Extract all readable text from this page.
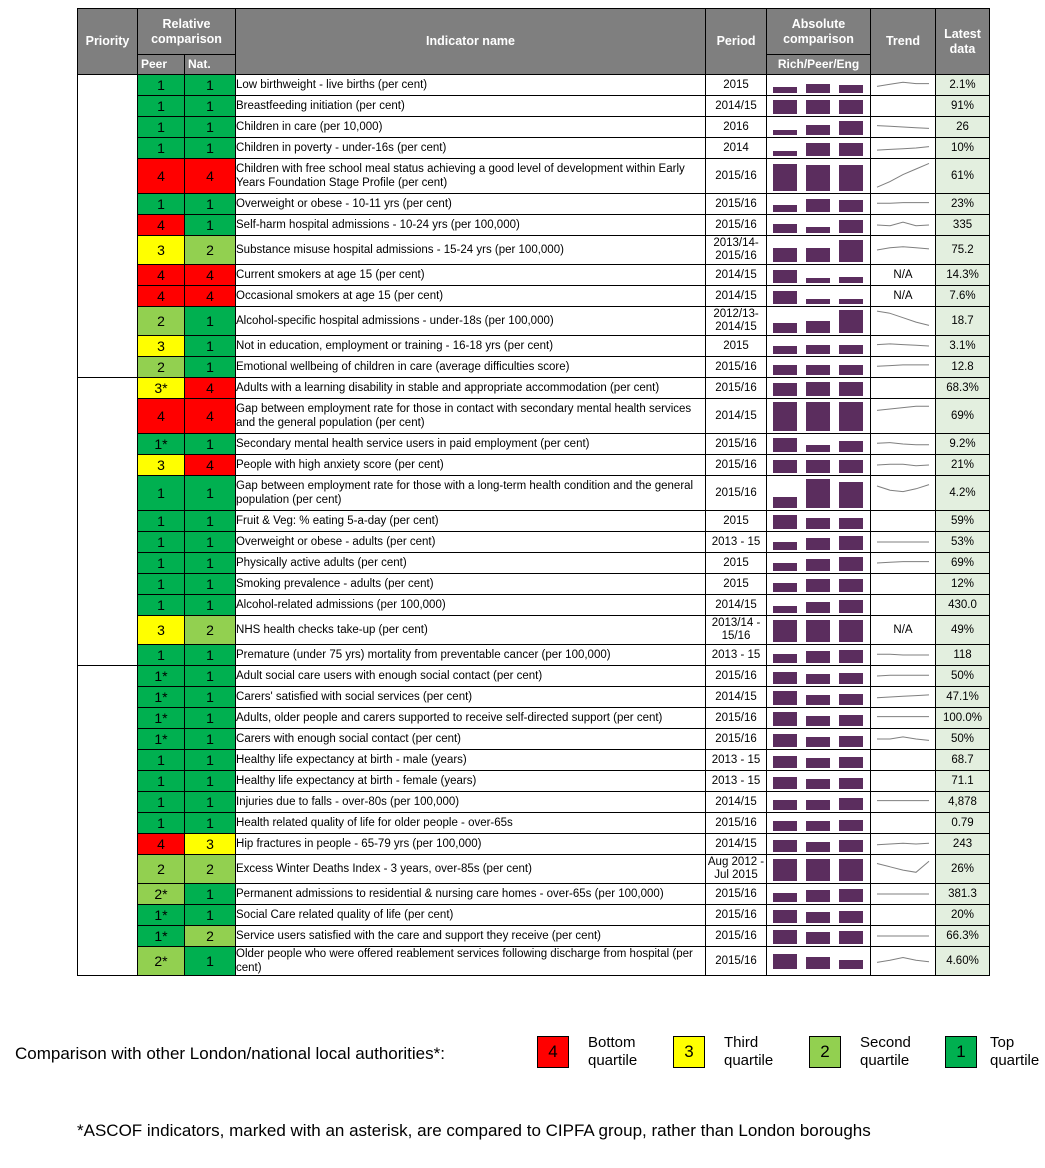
Priority	Relative comparison		Indicator name	Period	Absolute comparison	Trend	Latest data
	Peer	Nat.			Rich/Peer/Eng		
	1	1	Low birthweight - live births (per cent)	2015			2.1%
	1	1	Breastfeeding initiation (per cent)	2014/15			91%
	1	1	Children in care (per 10,000)	2016			26
	1	1	Children in poverty - under-16s (per cent)	2014			10%
	4	4	Children with free school meal status achieving a good level of development within Early Years Foundation Stage Profile (per cent)	2015/16			61%
	1	1	Overweight or obese - 10-11 yrs (per cent)	2015/16			23%
	4	1	Self-harm hospital admissions - 10-24 yrs (per 100,000)	2015/16			335
	3	2	Substance misuse hospital admissions - 15-24 yrs (per 100,000)	2013/14-
2015/16			75.2
	4	4	Current smokers at age 15 (per cent)	2014/15		N/A	14.3%
	4	4	Occasional smokers at age 15 (per cent)	2014/15		N/A	7.6%
	2	1	Alcohol-specific hospital admissions - under-18s (per 100,000)	2012/13-
2014/15			18.7
	3	1	Not in education, employment or training - 16-18 yrs (per cent)	2015			3.1%
	2	1	Emotional wellbeing of children in care (average difficulties score)	2015/16			12.8
	3*	4	Adults with a learning disability in stable and appropriate accommodation (per cent)	2015/16			68.3%
	4	4	Gap between employment rate for those in contact with secondary mental health services and the general population (per cent)	2014/15			69%
	1*	1	Secondary mental health service users in paid employment (per cent)	2015/16			9.2%
	3	4	People with high anxiety score (per cent)	2015/16			21%
	1	1	Gap between employment rate for those with a long-term health condition and the general population (per cent)	2015/16			4.2%
	1	1	Fruit & Veg: % eating 5-a-day (per cent)	2015			59%
	1	1	Overweight or obese - adults (per cent)	2013 - 15			53%
	1	1	Physically active adults (per cent)	2015			69%
	1	1	Smoking prevalence - adults (per cent)	2015			12%
	1	1	Alcohol-related admissions (per 100,000)	2014/15			430.0
	3	2	NHS health checks take-up (per cent)	2013/14 -
15/16		N/A	49%
	1	1	Premature (under 75 yrs) mortality from preventable cancer (per 100,000)	2013 - 15			118
	1*	1	Adult social care users with enough social contact (per cent)	2015/16			50%
	1*	1	Carers' satisfied with social services (per cent)	2014/15			47.1%
	1*	1	Adults, older people and carers supported to receive self-directed support (per cent)	2015/16			100.0%
	1*	1	Carers with enough social contact (per cent)	2015/16			50%
	1	1	Healthy life expectancy at birth - male (years)	2013 - 15			68.7
	1	1	Healthy life expectancy at birth - female (years)	2013 - 15			71.1
	1	1	Injuries due to falls - over-80s (per 100,000)	2014/15			4,878
	1	1	Health related quality of life for older people - over-65s	2015/16			0.79
	4	3	Hip fractures in people - 65-79 yrs (per 100,000)	2014/15			243
	2	2	Excess Winter Deaths Index - 3 years, over-85s (per cent)	Aug 2012 -
Jul 2015			26%
	2*	1	Permanent admissions to residential & nursing care homes - over-65s (per 100,000)	2015/16			381.3
	1*	1	Social Care related quality of life (per cent)	2015/16			20%
	1*	2	Service users satisfied with the care and support they receive (per cent)	2015/16			66.3%
	2*	1	Older people who were offered reablement services following discharge from hospital (per cent)	2015/16			4.60%
Comparison with other London/national local authorities*:	4	Bottom
quartile	3	Third
quartile	2	Second
quartile	1	Top
quartile
*ASCOF indicators, marked with an asterisk, are compared to CIPFA group, rather than London boroughs
